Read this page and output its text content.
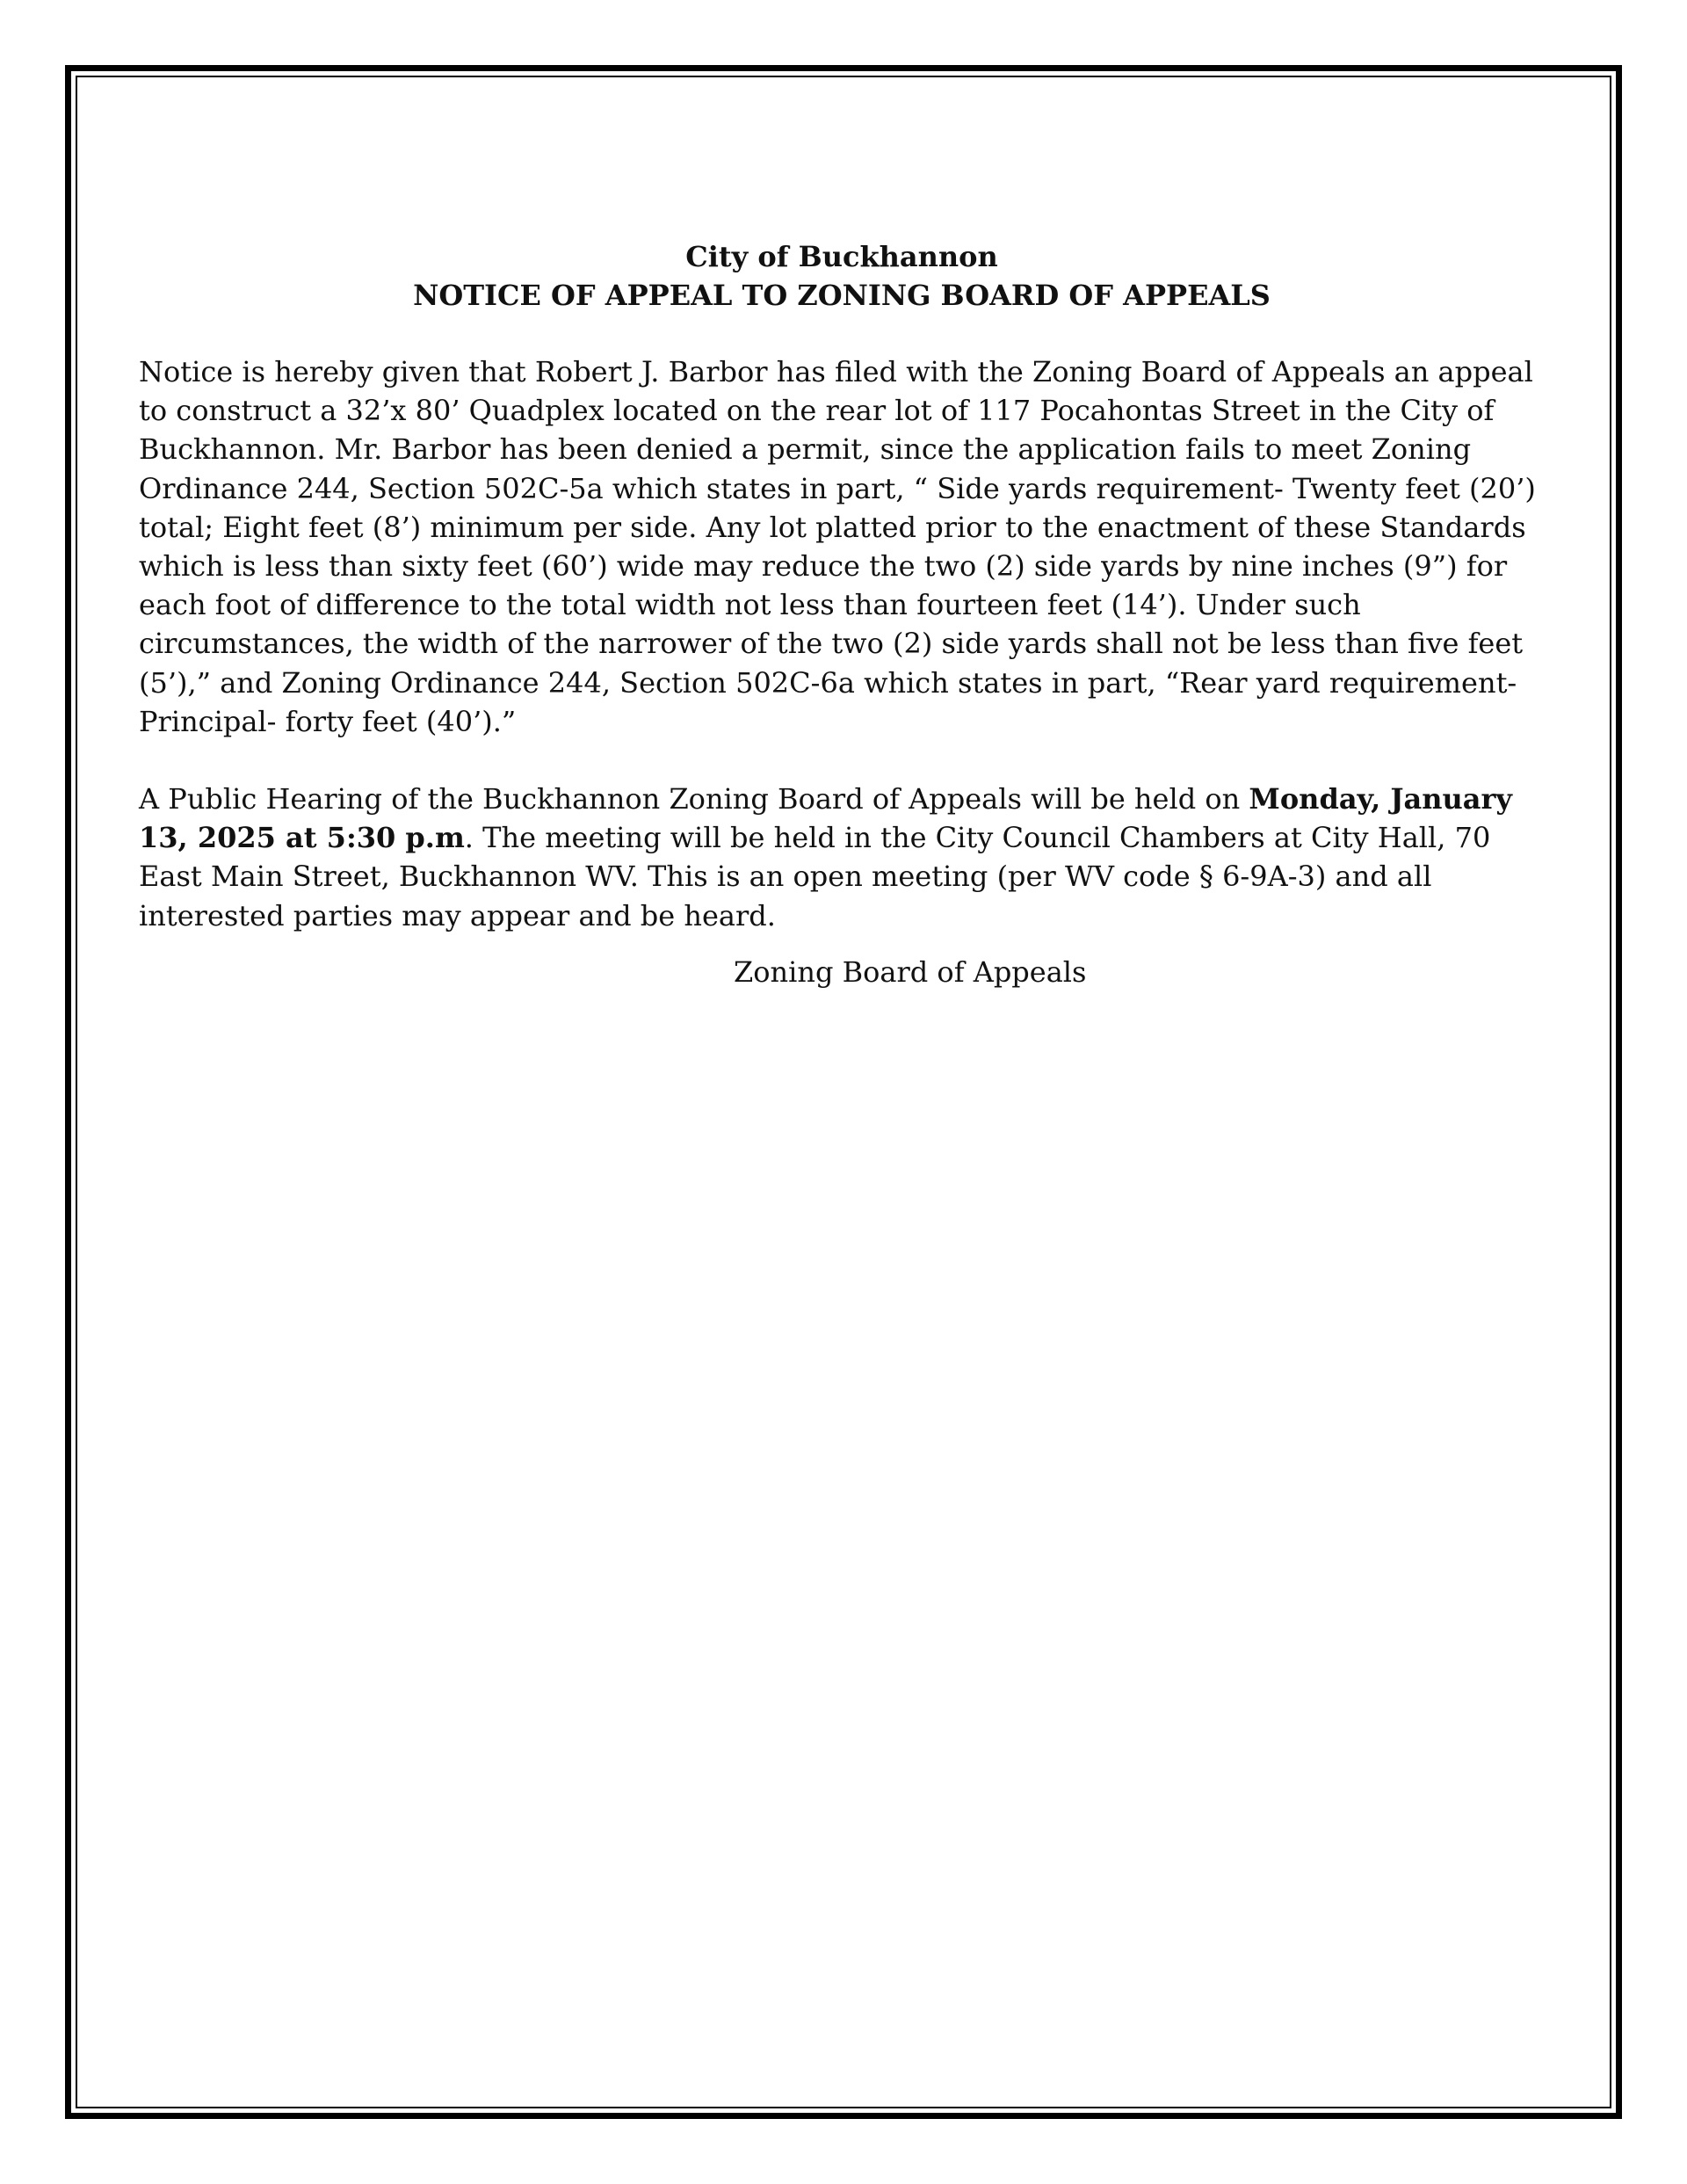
City of Buckhannon
NOTICE OF APPEAL TO ZONING BOARD OF APPEALS

Notice is hereby given that Robert J. Barbor has filed with the Zoning Board of Appeals an appeal to construct a 32’x 80’ Quadplex located on the rear lot of 117 Pocahontas Street in the City of Buckhannon. Mr. Barbor has been denied a permit, since the application fails to meet Zoning Ordinance 244, Section 502C-5a which states in part, “ Side yards requirement- Twenty feet (20’) total; Eight feet (8’) minimum per side. Any lot platted prior to the enactment of these Standards which is less than sixty feet (60’) wide may reduce the two (2) side yards by nine inches (9”) for each foot of difference to the total width not less than fourteen feet (14’). Under such circumstances, the width of the narrower of the two (2) side yards shall not be less than five feet (5’),” and Zoning Ordinance 244, Section 502C-6a which states in part, “Rear yard requirement-Principal- forty feet (40’).”

A Public Hearing of the Buckhannon Zoning Board of Appeals will be held on Monday, January 13, 2025 at 5:30 p.m. The meeting will be held in the City Council Chambers at City Hall, 70 East Main Street, Buckhannon WV. This is an open meeting (per WV code § 6-9A-3) and all interested parties may appear and be heard.

Zoning Board of Appeals
